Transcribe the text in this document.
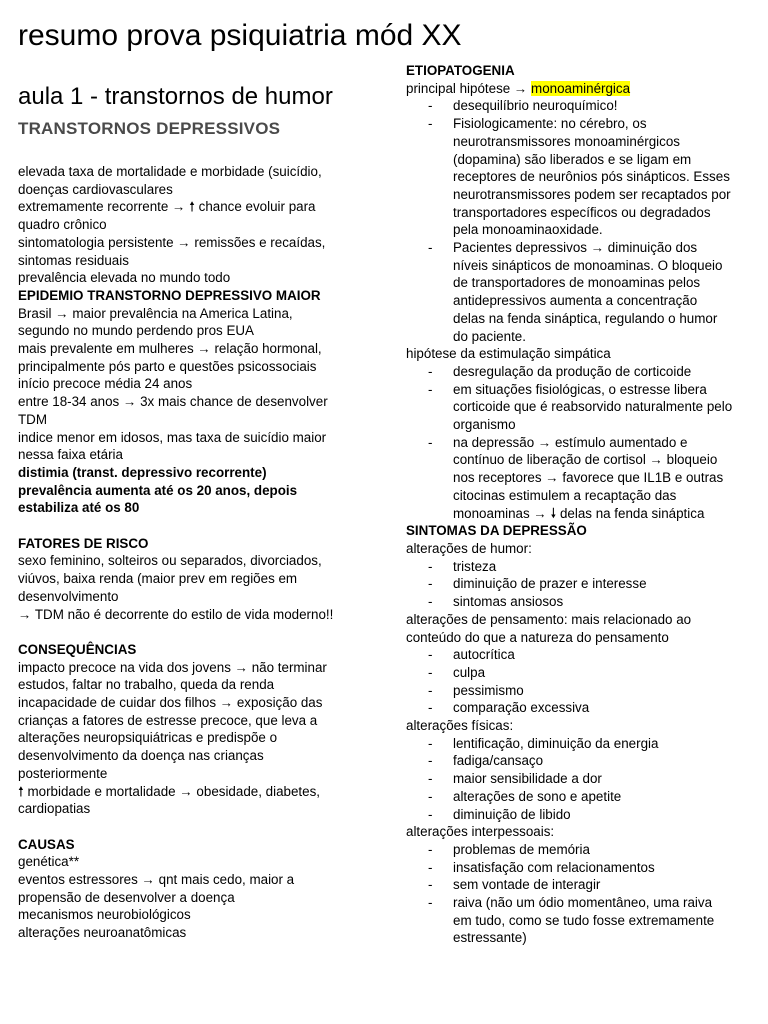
resumo prova psiquiatria mód XX
aula 1 - transtornos de humor
TRANSTORNOS DEPRESSIVOS
elevada taxa de mortalidade e morbidade (suicídio,
doenças cardiovasculares
extremamente recorrente → 🠕 chance evoluir para
quadro crônico
sintomatologia persistente → remissões e recaídas,
sintomas residuais
prevalência elevada no mundo todo
EPIDEMIO TRANSTORNO DEPRESSIVO MAIOR
Brasil → maior prevalência na America Latina,
segundo no mundo perdendo pros EUA
mais prevalente em mulheres → relação hormonal,
principalmente pós parto e questões psicossociais
início precoce média 24 anos
entre 18-34 anos → 3x mais chance de desenvolver
TDM
indice menor em idosos, mas taxa de suicídio maior
nessa faixa etária
distimia (transt. depressivo recorrente)
prevalência aumenta até os 20 anos, depois
estabiliza até os 80
FATORES DE RISCO
sexo feminino, solteiros ou separados, divorciados,
viúvos, baixa renda (maior prev em regiões em
desenvolvimento
→ TDM não é decorrente do estilo de vida moderno!!
CONSEQUÊNCIAS
impacto precoce na vida dos jovens → não terminar
estudos, faltar no trabalho, queda da renda
incapacidade de cuidar dos filhos → exposição das
crianças a fatores de estresse precoce, que leva a
alterações neuropsiquiátricas e predispõe o
desenvolvimento da doença nas crianças
posteriormente
🠕 morbidade e mortalidade → obesidade, diabetes,
cardiopatias
CAUSAS
genética**
eventos estressores → qnt mais cedo, maior a
propensão de desenvolver a doença
mecanismos neurobiológicos
alterações neuroanatômicas
ETIOPATOGENIA
principal hipótese → monoaminérgica
- desequilíbrio neuroquímico!
- Fisiologicamente: no cérebro, os
neurotransmissores monoaminérgicos
(dopamina) são liberados e se ligam em
receptores de neurônios pós sinápticos. Esses
neurotransmissores podem ser recaptados por
transportadores específicos ou degradados
pela monoaminaoxidade.
- Pacientes depressivos → diminuição dos
níveis sinápticos de monoaminas. O bloqueio
de transportadores de monoaminas pelos
antidepressivos aumenta a concentração
delas na fenda sináptica, regulando o humor
do paciente.
hipótese da estimulação simpática
- desregulação da produção de corticoide
- em situações fisiológicas, o estresse libera
corticoide que é reabsorvido naturalmente pelo
organismo
- na depressão → estímulo aumentado e
contínuo de liberação de cortisol → bloqueio
nos receptores → favorece que IL1B e outras
citocinas estimulem a recaptação das
monoaminas → 🠗 delas na fenda sináptica
SINTOMAS DA DEPRESSÃO
alterações de humor:
- tristeza
- diminuição de prazer e interesse
- sintomas ansiosos
alterações de pensamento: mais relacionado ao
conteúdo do que a natureza do pensamento
- autocrítica
- culpa
- pessimismo
- comparação excessiva
alterações físicas:
- lentificação, diminuição da energia
- fadiga/cansaço
- maior sensibilidade a dor
- alterações de sono e apetite
- diminuição de libido
alterações interpessoais:
- problemas de memória
- insatisfação com relacionamentos
- sem vontade de interagir
- raiva (não um ódio momentâneo, uma raiva
em tudo, como se tudo fosse extremamente
estressante)
